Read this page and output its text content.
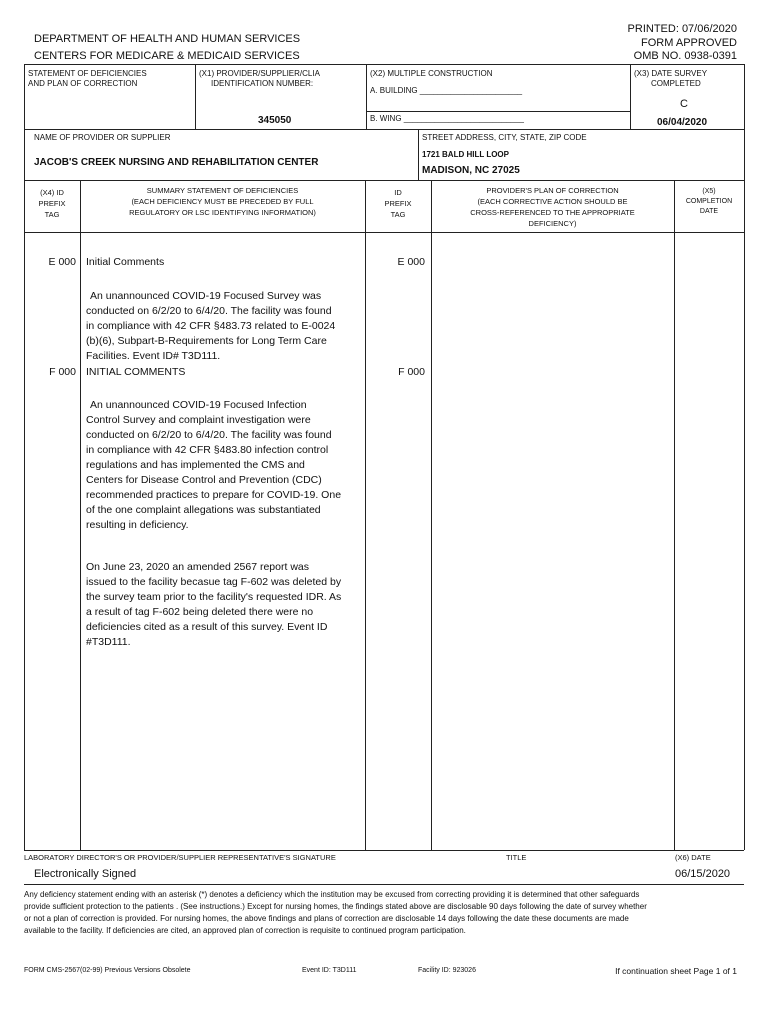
DEPARTMENT OF HEALTH AND HUMAN SERVICES
CENTERS FOR MEDICARE & MEDICAID SERVICES
PRINTED: 07/06/2020
FORM APPROVED
OMB NO. 0938-0391
STATEMENT OF DEFICIENCIES
AND PLAN OF CORRECTION
(X1) PROVIDER/SUPPLIER/CLIA
IDENTIFICATION NUMBER:
345050
(X2) MULTIPLE CONSTRUCTION
A. BUILDING _______________________
B. WING ___________________________
(X3) DATE SURVEY
COMPLETED
C
06/04/2020
NAME OF PROVIDER OR SUPPLIER
JACOB'S CREEK NURSING AND REHABILITATION CENTER
STREET ADDRESS, CITY, STATE, ZIP CODE
1721 BALD HILL LOOP
MADISON, NC 27025
(X4) ID
PREFIX
TAG
SUMMARY STATEMENT OF DEFICIENCIES
(EACH DEFICIENCY MUST BE PRECEDED BY FULL
REGULATORY OR LSC IDENTIFYING INFORMATION)
ID
PREFIX
TAG
PROVIDER'S PLAN OF CORRECTION
(EACH CORRECTIVE ACTION SHOULD BE
CROSS-REFERENCED TO THE APPROPRIATE
DEFICIENCY)
(X5)
COMPLETION
DATE
E 000 Initial Comments	E 000

An unannounced COVID-19 Focused Survey was conducted on 6/2/20 to 6/4/20. The facility was found in compliance with 42 CFR §483.73 related to E-0024 (b)(6), Subpart-B-Requirements for Long Term Care Facilities. Event ID# T3D111.

F 000 INITIAL COMMENTS	F 000

An unannounced COVID-19 Focused Infection Control Survey and complaint investigation were conducted on 6/2/20 to 6/4/20. The facility was found in compliance with 42 CFR §483.80 infection control regulations and has implemented the CMS and Centers for Disease Control and Prevention (CDC) recommended practices to prepare for COVID-19. One of the one complaint allegations was substantiated resulting in deficiency.

On June 23, 2020 an amended 2567 report was issued to the facility becasue tag F-602 was deleted by the survey team prior to the facility's requested IDR. As a result of tag F-602 being deleted there were no deficiencies cited as a result of this survey. Event ID #T3D111.

LABORATORY DIRECTOR'S OR PROVIDER/SUPPLIER REPRESENTATIVE'S SIGNATURE	TITLE	(X6) DATE
Electronically Signed	06/15/2020
Any deficiency statement ending with an asterisk (*) denotes a deficiency which the institution may be excused from correcting providing it is determined that other safeguards provide sufficient protection to the patients . (See instructions.) Except for nursing homes, the findings stated above are disclosable 90 days following the date of survey whether or not a plan of correction is provided. For nursing homes, the above findings and plans of correction are disclosable 14 days following the date these documents are made available to the facility. If deficiencies are cited, an approved plan of correction is requisite to continued program participation.
FORM CMS-2567(02-99) Previous Versions Obsolete	Event ID: T3D111	Facility ID: 923026	If continuation sheet Page 1 of 1
